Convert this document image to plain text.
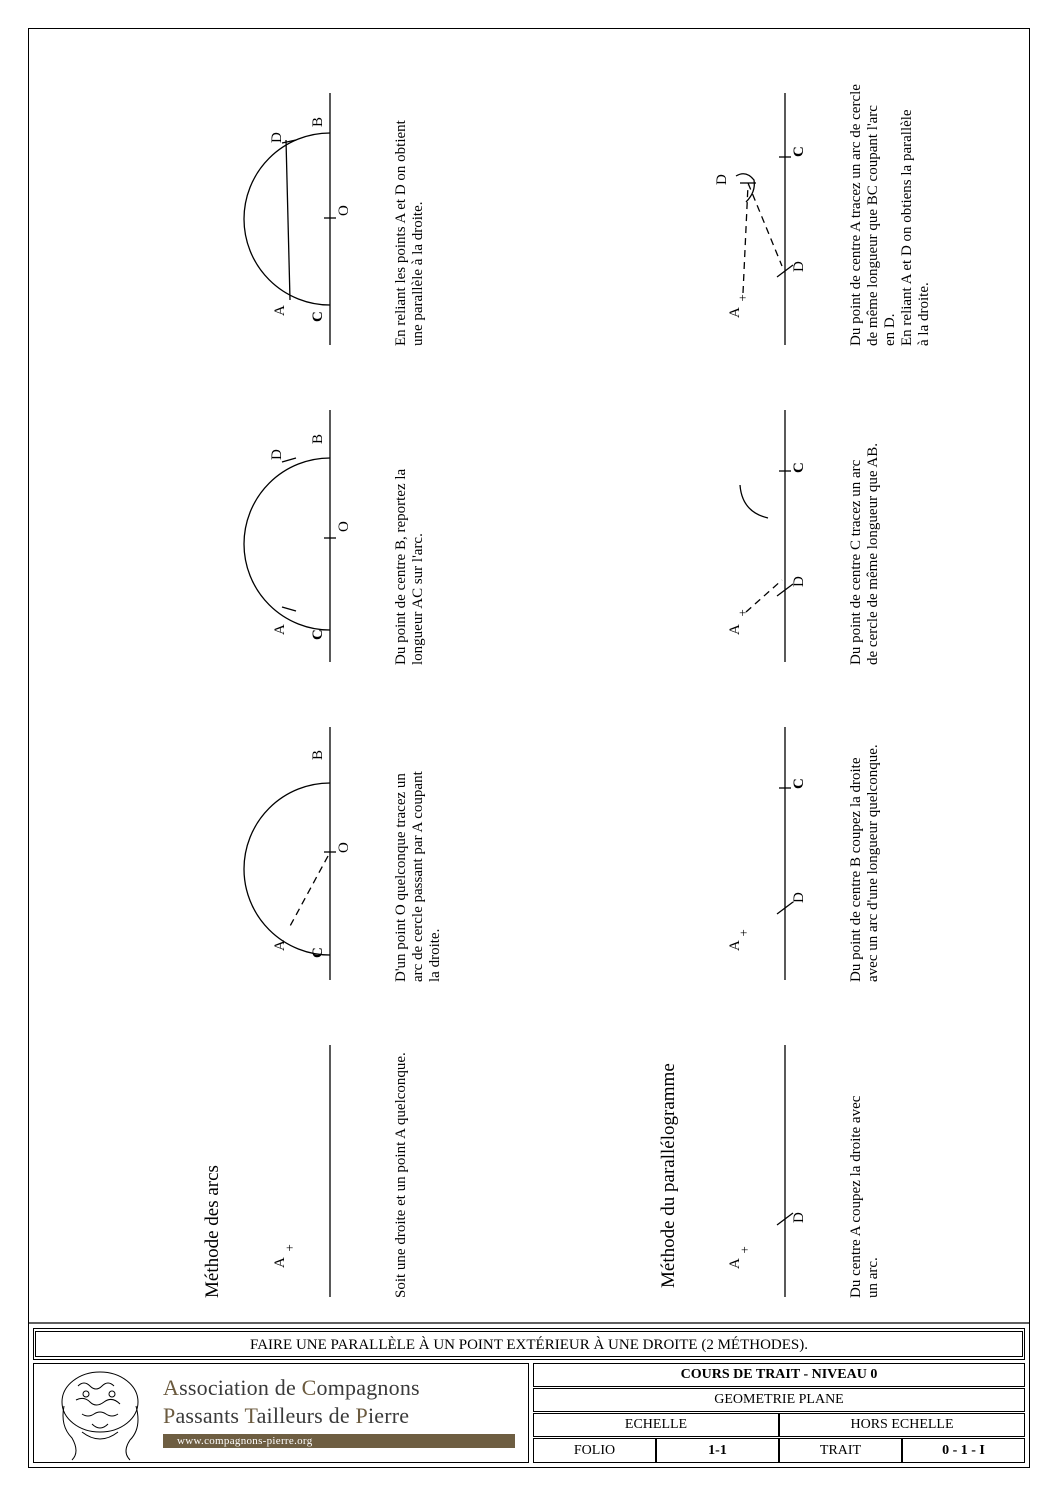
+	+
+
+
+
A
A
C
O
B
A C
O
D
B
A
C
O
D
B
A
D
A
D
C
A
D
C
A
D
D
C
Méthode des arcs	Méthode du parallélogramme
Soit une droite et un point A quelconque.
D'un point O quelconque tracez un arc de cercle passant par A coupant la droite.
Du point de centre B, reportez la longueur AC sur l'arc.
En reliant les points A et D on obtient une parallèle à la droite.
Du centre A coupez la droite avec un arc.
Du point de centre B coupez la droite avec un arc d'une longueur quelconque.
Du point de centre C tracez un arc de cercle de même longueur que AB.
Du point de centre A tracez un arc de cercle de même longueur que BC coupant l'arc en D. En reliant A et D on obtiens la parallèle à la droite.
FAIRE UNE PARALLÈLE À UN POINT EXTÉRIEUR À UNE DROITE (2 MÉTHODES).
Association de Compagnons
Passants Tailleurs de Pierre
www.compagnons-pierre.org
COURS DE TRAIT - NIVEAU 0
GEOMETRIE PLANE
ECHELLE	HORS ECHELLE
FOLIO	1-1	TRAIT	0 - 1 - I
